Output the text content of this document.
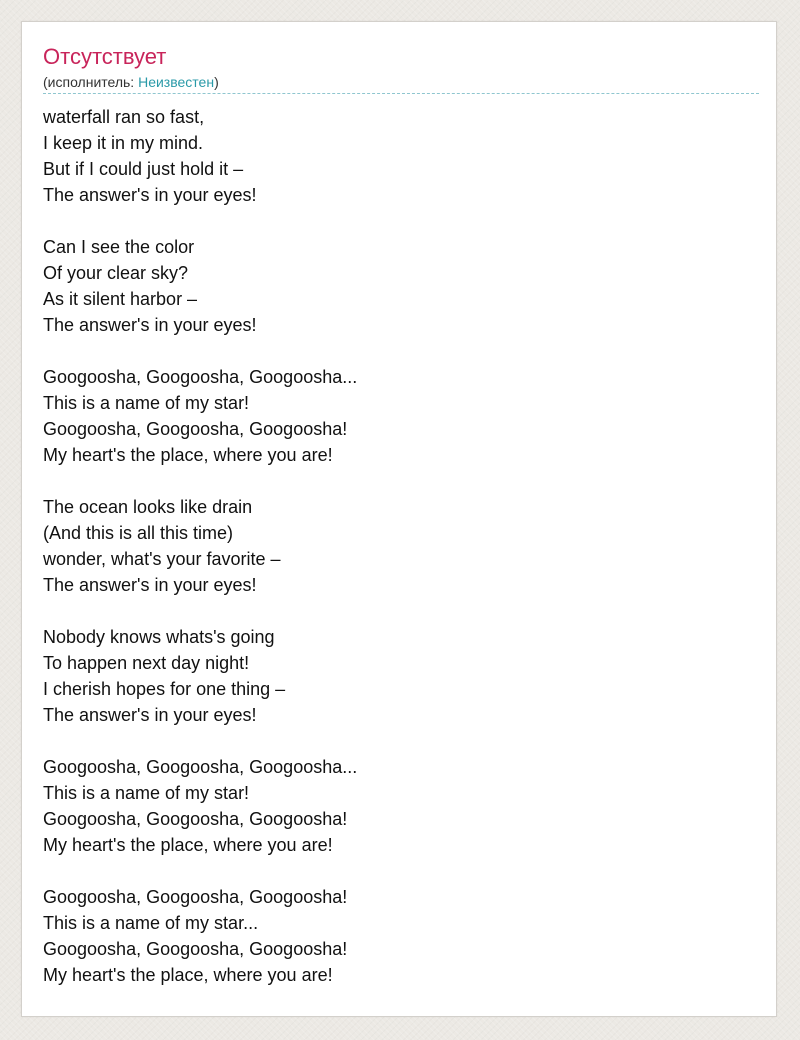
Отсутствует
(исполнитель: Неизвестен)
waterfall ran so fast,
I keep it in my mind.
But if I could just hold it –
The answer's in your eyes!
Can I see the color
Of your clear sky?
As it silent harbor –
The answer's in your eyes!
Googoosha, Googoosha, Googoosha...
This is a name of my star!
Googoosha, Googoosha, Googoosha!
My heart's the place, where you are!
The ocean looks like drain
(And this is all this time)
wonder, what's your favorite –
The answer's in your eyes!
Nobody knows whats's going
To happen next day night!
I cherish hopes for one thing –
The answer's in your eyes!
Googoosha, Googoosha, Googoosha...
This is a name of my star!
Googoosha, Googoosha, Googoosha!
My heart's the place, where you are!
Googoosha, Googoosha, Googoosha!
This is a name of my star...
Googoosha, Googoosha, Googoosha!
My heart's the place, where you are!
